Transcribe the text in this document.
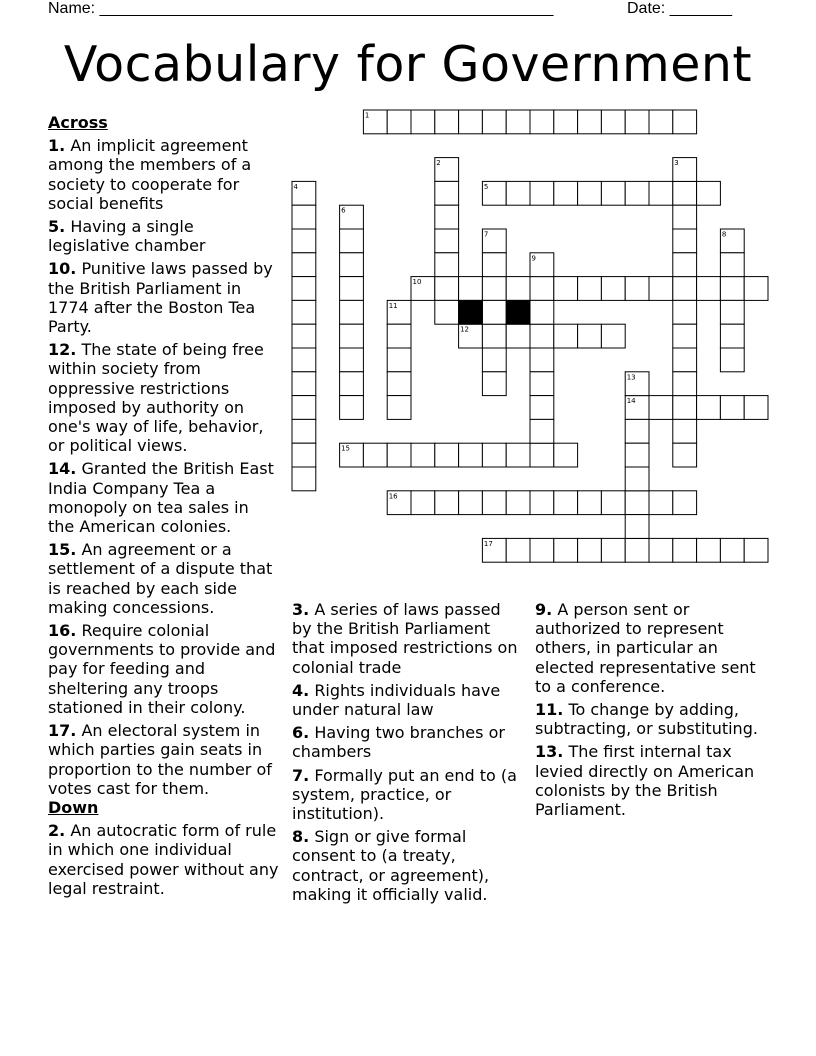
Name: ___________________________________________________	Date: _______
Vocabulary for Government
1
5
10
12
14
15
16
17
2	3
4
6
7	8
9
11
13
Across
1. An implicit agreement among the members of a society to cooperate for social benefits
5. Having a single legislative chamber
10. Punitive laws passed by the British Parliament in 1774 after the Boston Tea Party.
12. The state of being free within society from oppressive restrictions imposed by authority on one's way of life, behavior, or political views.
14. Granted the British East India Company Tea a monopoly on tea sales in the American colonies.
15. An agreement or a settlement of a dispute that is reached by each side making concessions.
16. Require colonial governments to provide and pay for feeding and sheltering any troops stationed in their colony.
17. An electoral system in which parties gain seats in proportion to the number of votes cast for them.
Down
2. An autocratic form of rule in which one individual exercised power without any legal restraint.
3. A series of laws passed by the British Parliament that imposed restrictions on colonial trade
4. Rights individuals have under natural law
6. Having two branches or chambers
7. Formally put an end to (a system, practice, or institution).
8. Sign or give formal consent to (a treaty, contract, or agreement), making it officially valid.
9. A person sent or authorized to represent others, in particular an elected representative sent to a conference.
11. To change by adding, subtracting, or substituting.
13. The first internal tax levied directly on American colonists by the British Parliament.
